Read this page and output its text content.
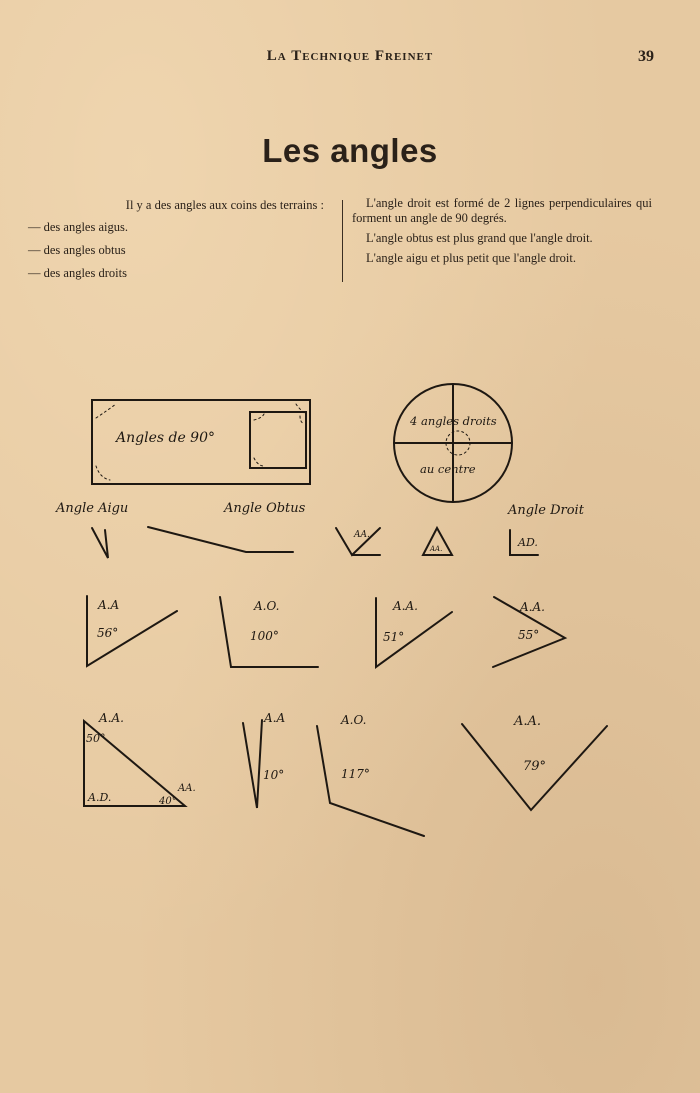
La Technique Freinet	39
Les angles

Il y a des angles aux coins des terrains :

— des angles aigus.

— des angles obtus

— des angles droits

L'angle droit est formé de 2 lignes perpendiculaires qui forment un angle de 90 degrés.

L'angle obtus est plus grand que l'angle droit.

L'angle aigu et plus petit que l'angle droit.

Angles de 90°
4 angles droits
au centre
Angle Aigu	Angle Obtus	Angle Droit
AA.
AA.	AD.
A.A
56°
A.O.
100°
A.A.
51°
A.A.
55°
A.A.
50°
A.D.	40°
AA.
A.A
10°
A.O.
117°
A.A.
79°
